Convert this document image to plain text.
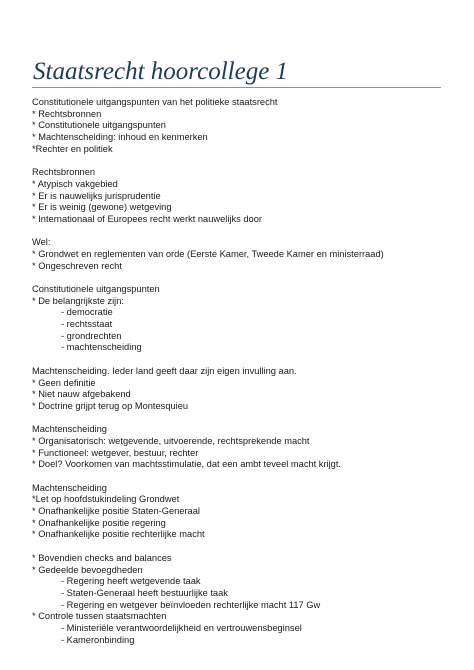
Staatsrecht hoorcollege 1
Constitutionele uitgangspunten van het politieke staatsrecht
* Rechtsbronnen
* Constitutionele uitgangspunten
* Machtenscheiding: inhoud en kenmerken
*Rechter en politiek
Rechtsbronnen
* Atypisch vakgebied
* Er is nauwelijks jurisprudentie
* Er is weinig (gewone) wetgeving
* Internationaal of Europees recht werkt nauwelijks door
Wel:
* Grondwet en reglementen van orde (Eerste Kamer, Tweede Kamer en ministerraad)
* Ongeschreven recht
Constitutionele uitgangspunten
* De belangrijkste zijn:
- democratie
- rechtsstaat
- grondrechten
- machtenscheiding
Machtenscheiding. Ieder land geeft daar zijn eigen invulling aan.
* Geen definitie
* Niet nauw afgebakend
* Doctrine grijpt terug op Montesquieu
Machtenscheiding
* Organisatorisch: wetgevende, uitvoerende, rechtsprekende macht
* Functioneel: wetgever, bestuur, rechter
* Doel? Voorkomen van machtsstimulatie, dat een ambt teveel macht krijgt.
Machtenscheiding
*Let op hoofdstukindeling Grondwet
* Onafhankelijke positie Staten-Generaal
* Onafhankelijke positie regering
* Onafhankelijke positie rechterlijke macht
* Bovendien checks and balances
* Gedeelde bevoegdheden
- Regering heeft wetgevende taak
- Staten-Generaal heeft bestuurlijke taak
- Regering en wetgever beïnvloeden rechterlijke macht 117 Gw
* Controle tussen staatsmachten
- Ministeriële verantwoordelijkheid en vertrouwensbeginsel
- Kameronbinding
